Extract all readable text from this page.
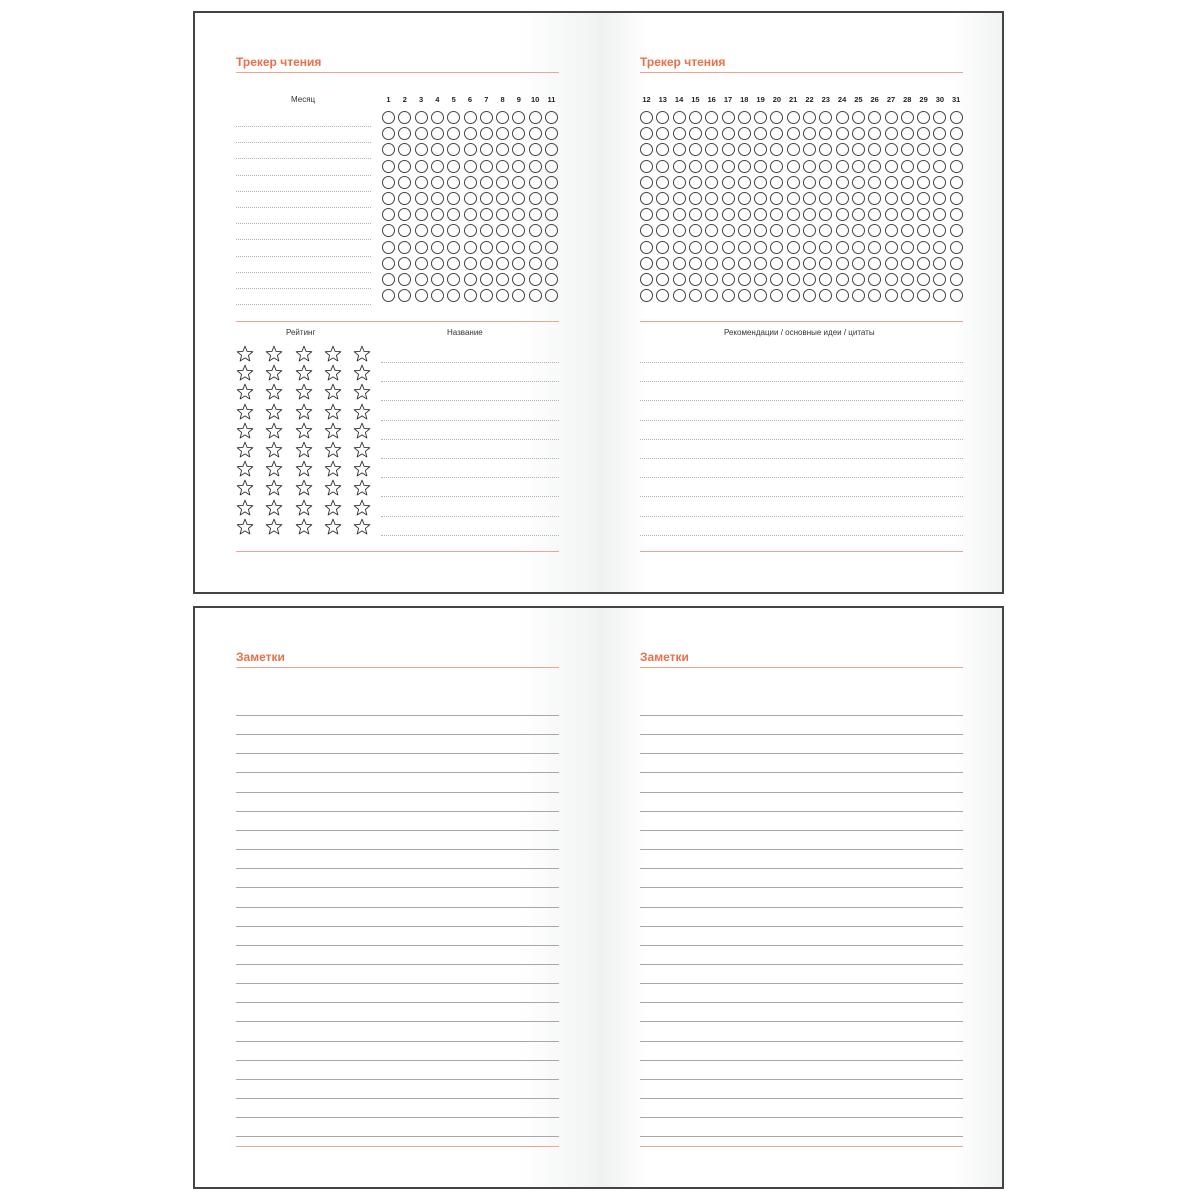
Трекер чтения
Месяц	1	2	3	4	5	6	7	8	9	10	11
Рейтинг	Название
Трекер чтения
12	13	14	15	16	17	18	19	20	21	22	23	24	25	26	27	28	29	30	31
Рекомендации / основные идеи / цитаты
Заметки	Заметки
